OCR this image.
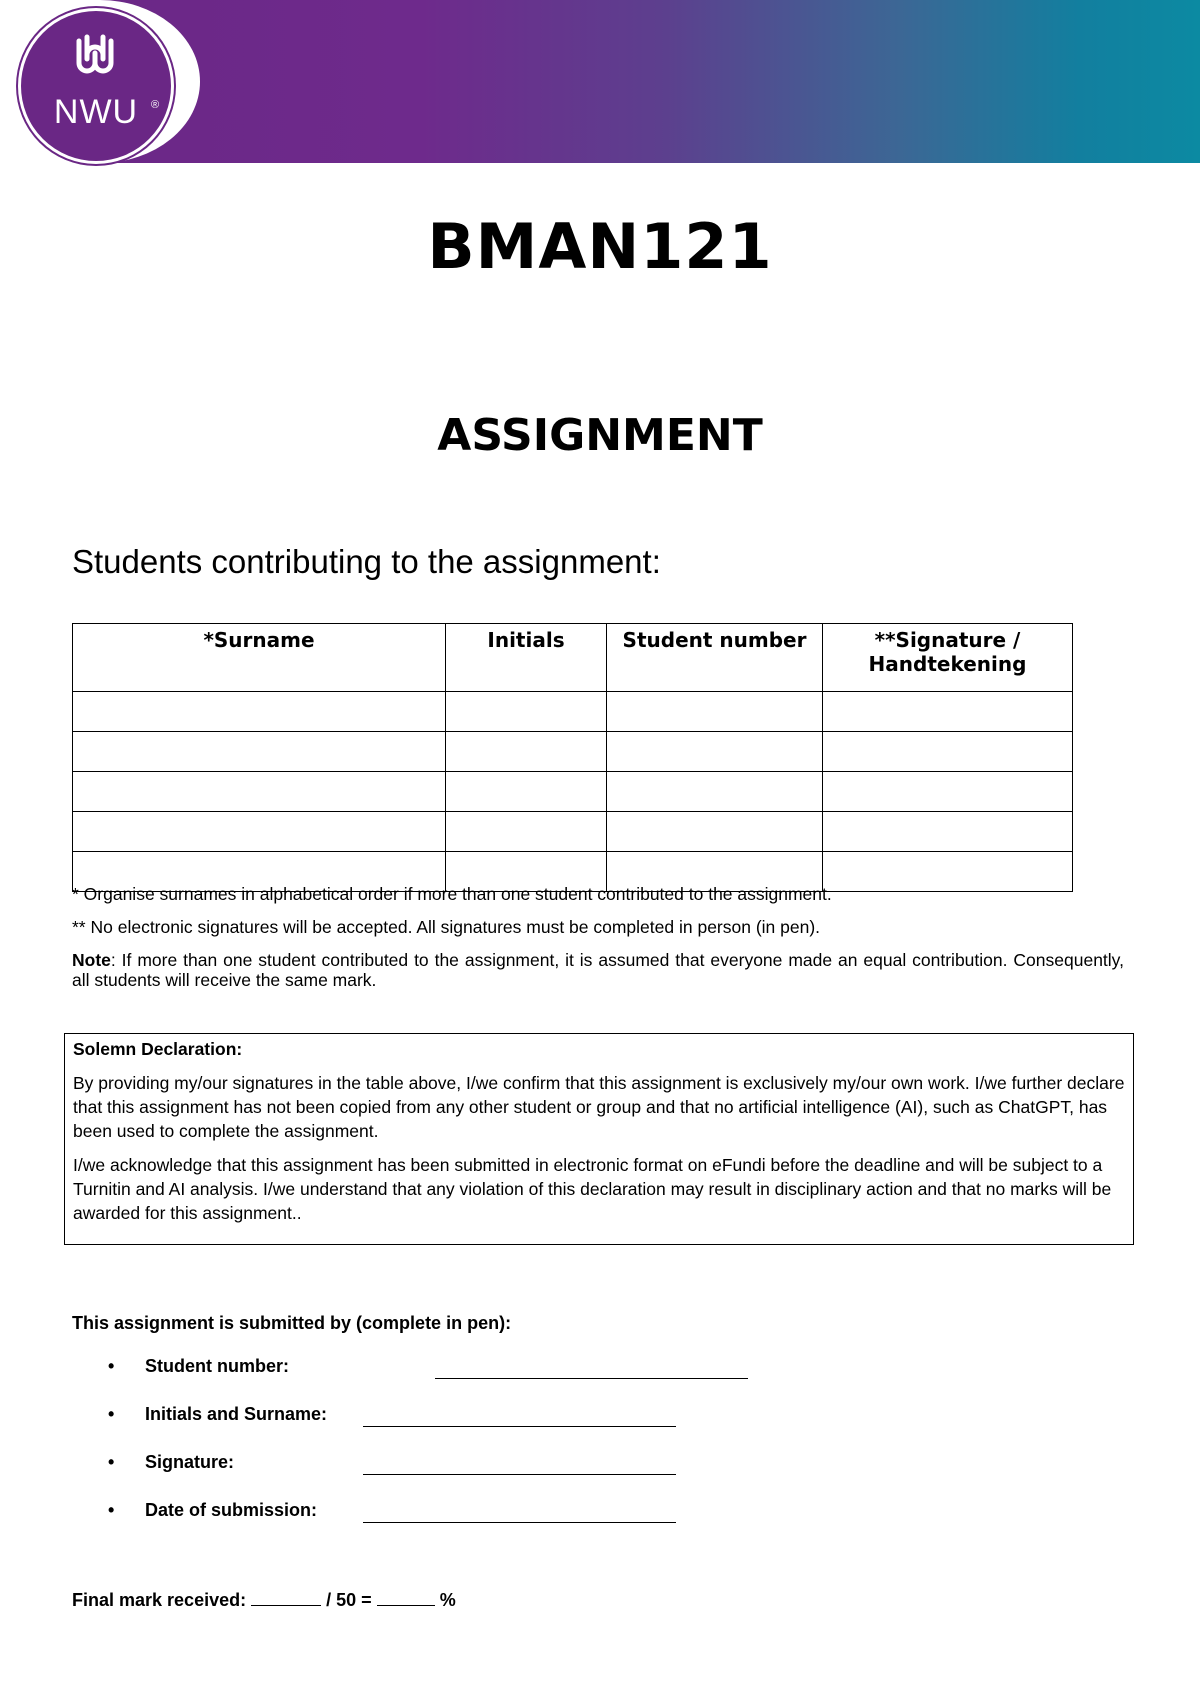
NWU	®
BMAN121
ASSIGNMENT
Students contributing to the assignment:
*Surname	Initials	Student number	**Signature / Handtekening

* Organise surnames in alphabetical order if more than one student contributed to the assignment.
** No electronic signatures will be accepted. All signatures must be completed in person (in pen).
Note: If more than one student contributed to the assignment, it is assumed that everyone made an equal contribution. Consequently, all students will receive the same mark.
Solemn Declaration:

By providing my/our signatures in the table above, I/we confirm that this assignment is exclusively my/our own work. I/we further declare that this assignment has not been copied from any other student or group and that no artificial intelligence (AI), such as ChatGPT, has been used to complete the assignment.

I/we acknowledge that this assignment has been submitted in electronic format on eFundi before the deadline and will be subject to a Turnitin and AI analysis. I/we understand that any violation of this declaration may result in disciplinary action and that no marks will be awarded for this assignment..

This assignment is submitted by (complete in pen):
• Student number:
• Initials and Surname:
• Signature:
• Date of submission:
Final mark received:	/ 50 =	%
